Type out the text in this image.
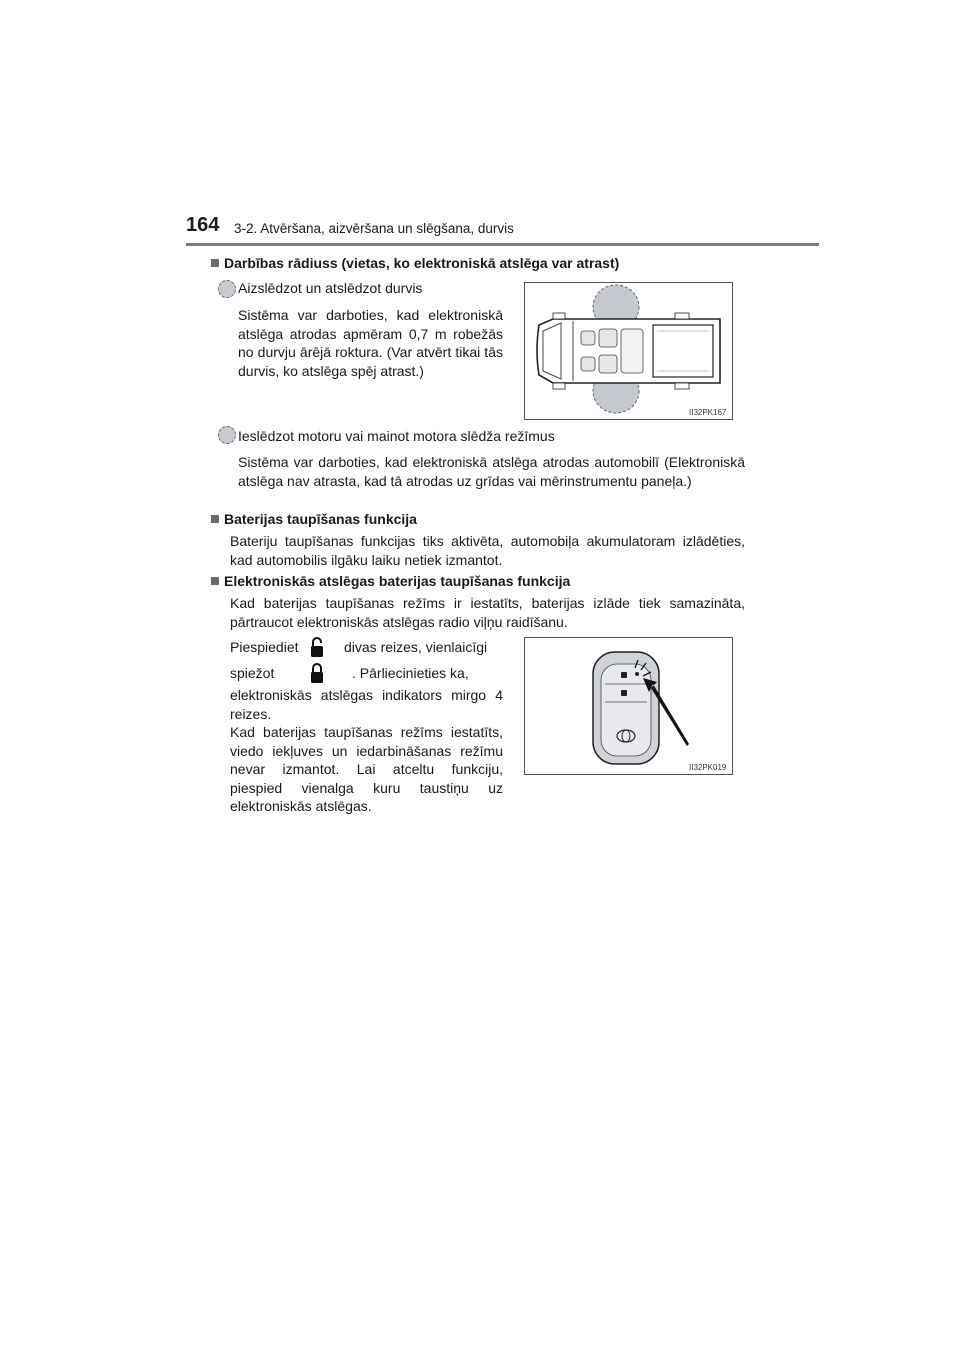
164 3-2. Atvēršana, aizvēršana un slēgšana, durvis
Darbības rādiuss (vietas, ko elektroniskā atslēga var atrast)
Aizslēdzot un atslēdzot durvis
Sistēma var darboties, kad elektroniskā atslēga atrodas apmēram 0,7 m robežās no durvju ārējā roktura. (Var atvērt tikai tās durvis, ko atslēga spēj atrast.)
II32PK167
Ieslēdzot motoru vai mainot motora slēdža režīmus
Sistēma var darboties, kad elektroniskā atslēga atrodas automobilī (Elektroniskā atslēga nav atrasta, kad tā atrodas uz grīdas vai mērinstrumentu paneļa.)
Baterijas taupīšanas funkcija
Bateriju taupīšanas funkcijas tiks aktivēta, automobiļa akumulatoram izlādēties, kad automobilis ilgāku laiku netiek izmantot.
Elektroniskās atslēgas baterijas taupīšanas funkcija
Kad baterijas taupīšanas režīms ir iestatīts, baterijas izlāde tiek samazināta, pārtraucot elektroniskās atslēgas radio viļņu raidīšanu.
Piespiediet	divas reizes, vienlaicīgi
spiežot	. Pārliecinieties ka,
elektroniskās atslēgas indikators mirgo 4 reizes.
Kad baterijas taupīšanas režīms iestatīts, viedo iekļuves un iedarbināšanas režīmu nevar izmantot. Lai atceltu funkciju, piespied vienalga kuru taustiņu uz elektroniskās atslēgas.
II32PK019
